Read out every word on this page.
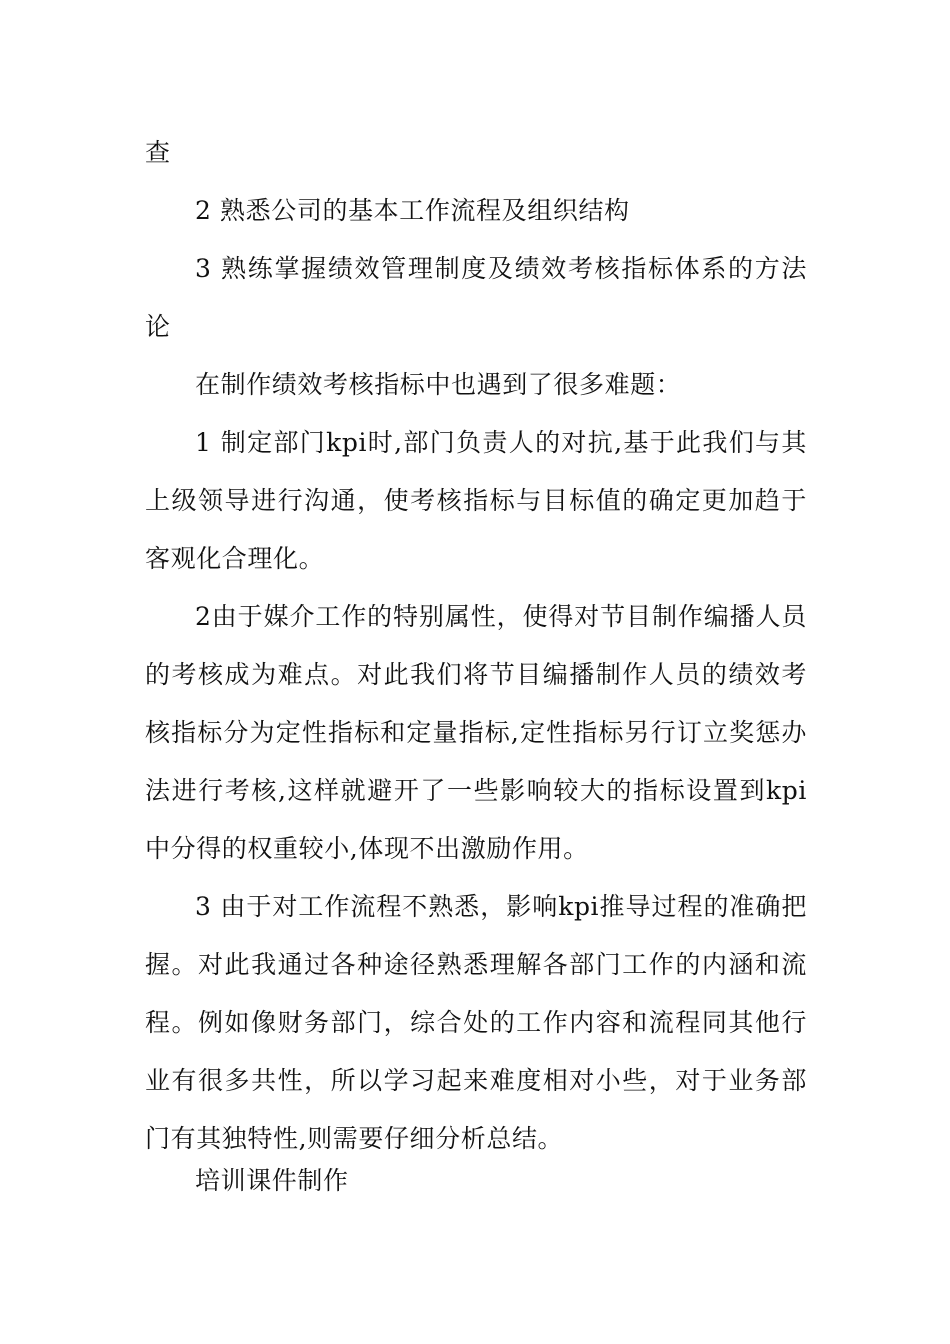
查

2 熟悉公司的基本工作流程及组织结构

3 熟练掌握绩效管理制度及绩效考核指标体系的方法论

在制作绩效考核指标中也遇到了很多难题：

1 制定部门kpi时,部门负责人的对抗,基于此我们与其上级领导进行沟通，使考核指标与目标值的确定更加趋于客观化合理化。

2由于媒介工作的特别属性，使得对节目制作编播人员的考核成为难点。对此我们将节目编播制作人员的绩效考核指标分为定性指标和定量指标,定性指标另行订立奖惩办法进行考核,这样就避开了一些影响较大的指标设置到kpi中分得的权重较小,体现不出激励作用。

3 由于对工作流程不熟悉，影响kpi推导过程的准确把握。对此我通过各种途径熟悉理解各部门工作的内涵和流程。例如像财务部门，综合处的工作内容和流程同其他行业有很多共性，所以学习起来难度相对小些，对于业务部门有其独特性,则需要仔细分析总结。

培训课件制作
